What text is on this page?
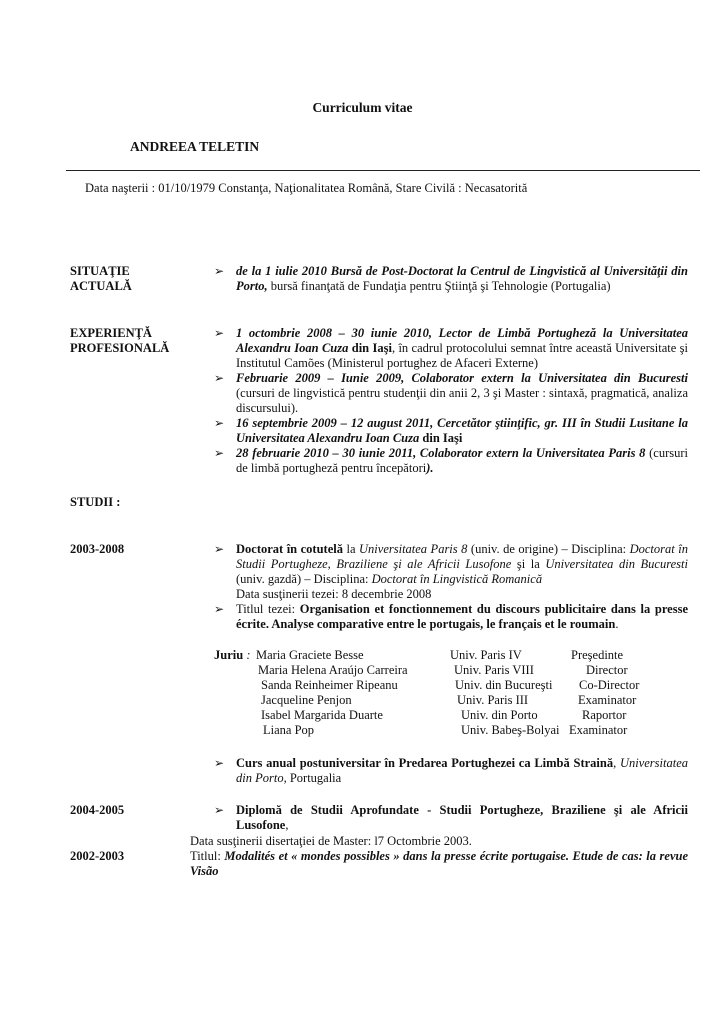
Curriculum vitae
ANDREEA TELETIN
Data naşterii : 01/10/1979 Constanţa, Naţionalitatea Română, Stare Civilă : Necasatorită
SITUAŢIE
ACTUALĂ
➢ de la 1 iulie 2010 Bursă de Post-Doctorat la Centrul de Lingvistică al Universităţii din Porto, bursă finanţată de Fundaţia pentru Ştiinţă şi Tehnologie (Portugalia)
EXPERIENŢĂ
PROFESIONALĂ
➢ 1 octombrie 2008 – 30 iunie 2010, Lector de Limbă Portugheză la Universitatea Alexandru Ioan Cuza din Iaşi, în cadrul protocolului semnat între această Universitate şi Institutul Camões (Ministerul portughez de Afaceri Externe)
➢ Februarie 2009 – Iunie 2009, Colaborator extern la Universitatea din Bucuresti (cursuri de lingvistică pentru studenţii din anii 2, 3 şi Master : sintaxă, pragmatică, analiza discursului).
➢ 16 septembrie 2009 – 12 august 2011, Cercetător ştiinţific, gr. III în Studii Lusitane la Universitatea Alexandru Ioan Cuza din Iaşi
➢ 28 februarie 2010 – 30 iunie 2011, Colaborator extern la Universitatea Paris 8 (cursuri de limbă portugheză pentru începători).
STUDII :
2003-2008	➢ Doctorat în cotutelă la Universitatea Paris 8 (univ. de origine) – Disciplina: Doctorat în Studii Portugheze, Braziliene şi ale Africii Lusofone şi la Universitatea din Bucuresti (univ. gazdă) – Disciplina: Doctorat în Lingvistică Romanică
Data susţinerii tezei: 8 decembrie 2008
➢ Titlul tezei: Organisation et fonctionnement du discours publicitaire dans la presse écrite. Analyse comparative entre le portugais, le français et le roumain.
Juriu : Maria Graciete Besse	Univ. Paris IV	Preşedinte
Maria Helena Araújo Carreira	Univ. Paris VIII	Director
Sanda Reinheimer Ripeanu	Univ. din Bucureşti Co-Director
Jacqueline Penjon	Univ. Paris III	Examinator
Isabel Margarida Duarte	Univ. din Porto	Raportor
Liana Pop	Univ. Babeş-Bolyai Examinator
➢ Curs anual postuniversitar în Predarea Portughezei ca Limbă Straină, Universitatea din Porto, Portugalia
2004-2005	➢ Diplomă de Studii Aprofundate - Studii Portugheze, Braziliene şi ale Africii Lusofone,
Data susţinerii disertaţiei de Master: l7 Octombrie 2003.
2002-2003	Titlul: Modalités et « mondes possibles » dans la presse écrite portugaise. Etude de cas: la revue Visão
